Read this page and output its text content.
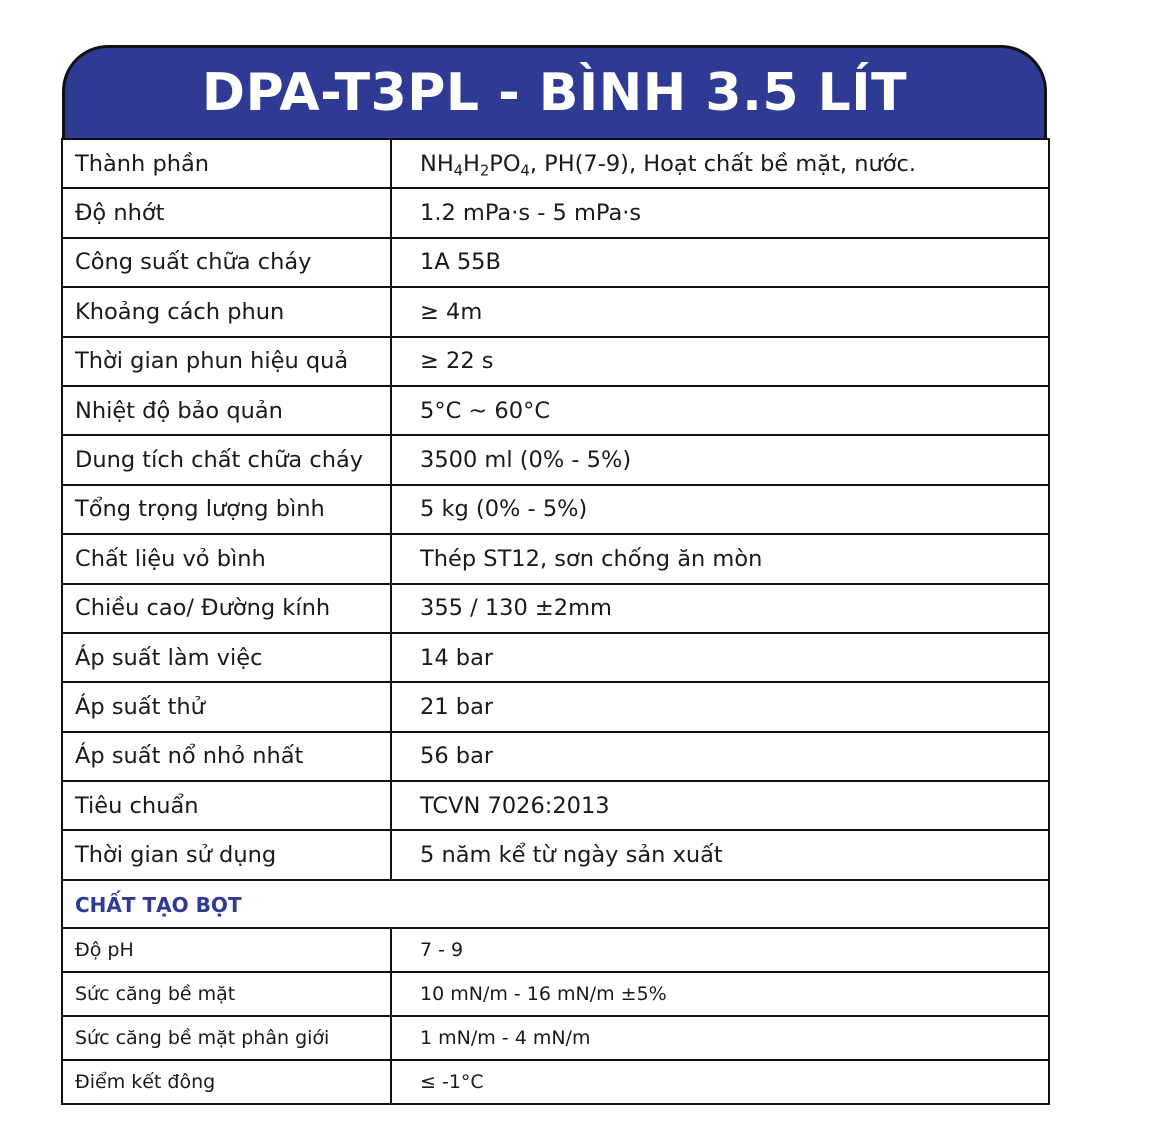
DPA-T3PL - BÌNH 3.5 LÍT
Thành phần	$NH_4H_2PO_4$, PH(7-9), Hoạt chất bề mặt, nước.
Độ nhớt	1.2 mPa·s - 5 mPa·s
Công suất chữa cháy	1A 55B
Khoảng cách phun	≥ 4m
Thời gian phun hiệu quả	≥ 22 s
Nhiệt độ bảo quản	5°C ~ 60°C
Dung tích chất chữa cháy	3500 ml (0% - 5%)
Tổng trọng lượng bình	5 kg (0% - 5%)
Chất liệu vỏ bình	Thép ST12, sơn chống ăn mòn
Chiều cao/ Đường kính	355 / 130 ±2mm
Áp suất làm việc	14 bar
Áp suất thử	21 bar
Áp suất nổ nhỏ nhất	56 bar
Tiêu chuẩn	TCVN 7026:2013
Thời gian sử dụng	5 năm kể từ ngày sản xuất
CHẤT TẠO BỌT	
Độ pH	7 - 9
Sức căng bề mặt	10 mN/m - 16 mN/m ±5%
Sức căng bề mặt phân giới	1 mN/m - 4 mN/m
Điểm kết đông	≤ -1°C
